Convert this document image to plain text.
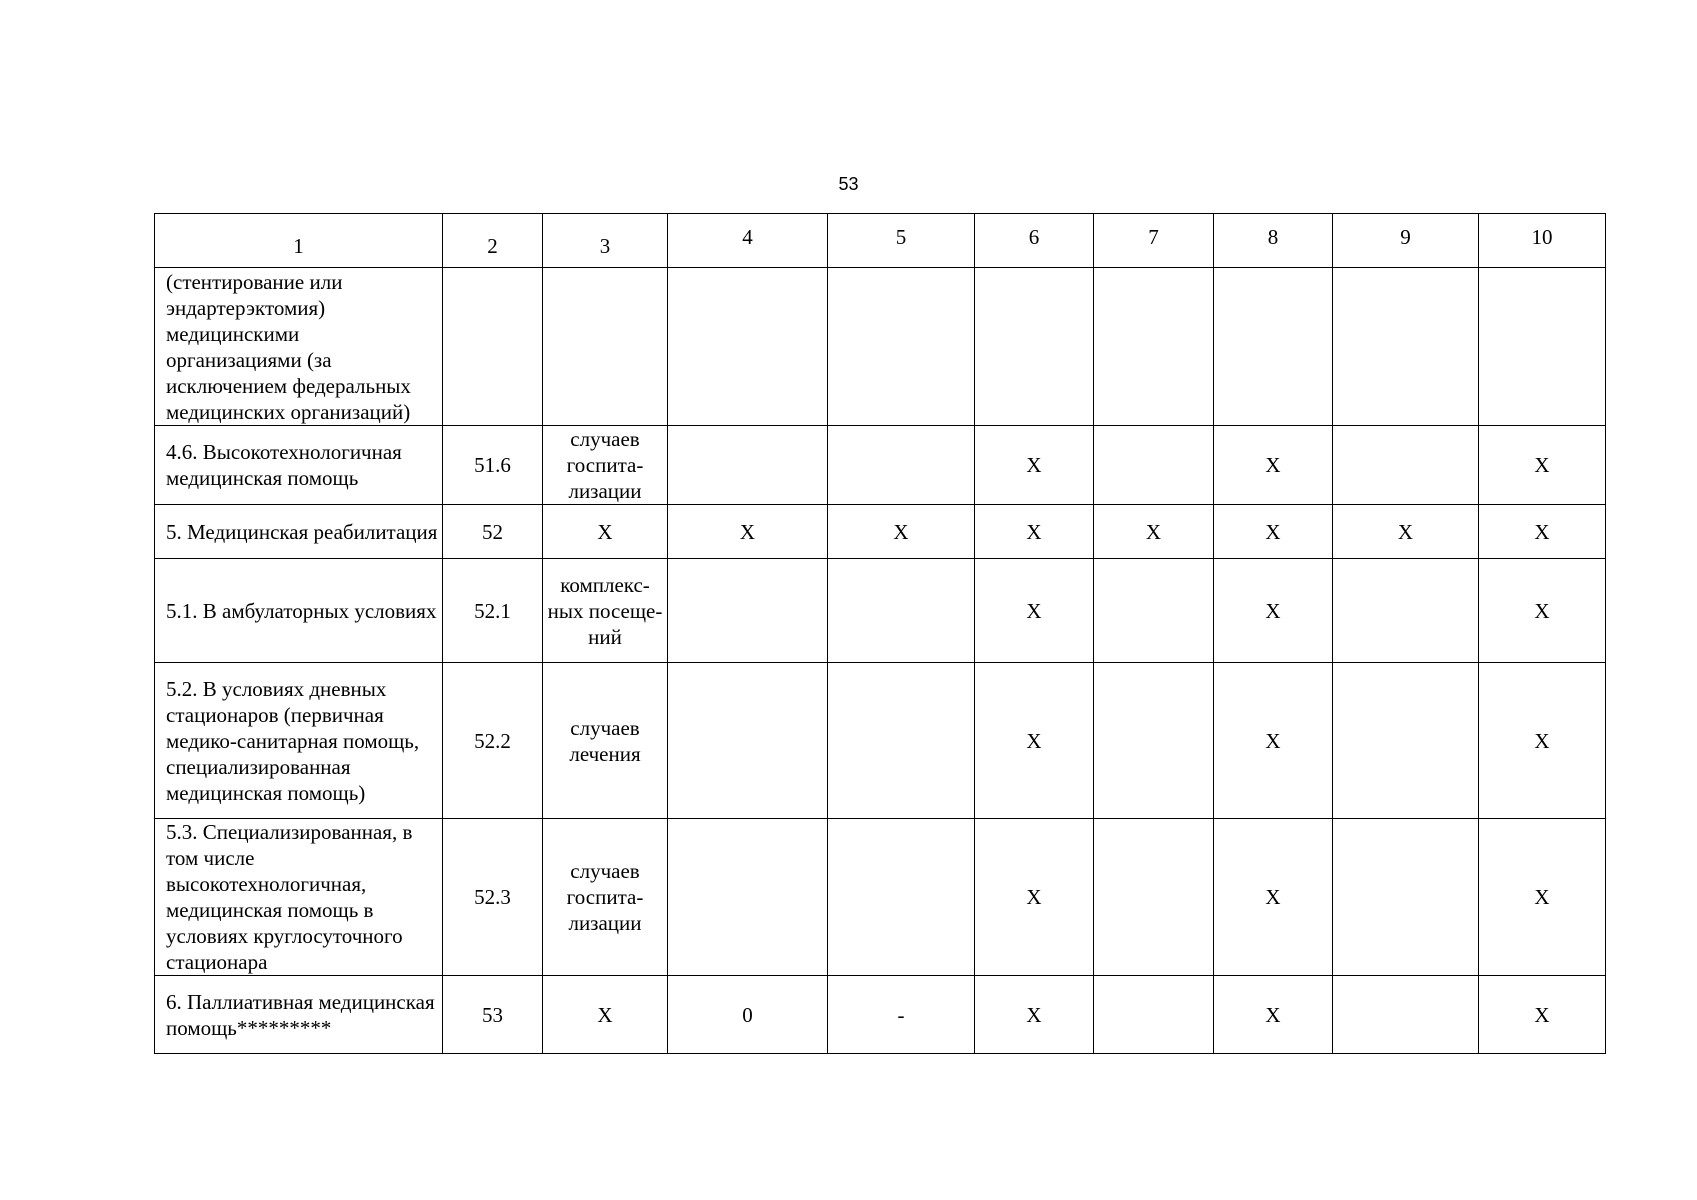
53
1	2	3	4	5	6	7	8	9	10
(стентирование или эндартерэктомия) медицинскими организациями (за исключением федеральных медицинских организаций)									
4.6. Высокотехнологичная медицинская помощь	51.6	случаев госпита-лизации			X		X		X
5. Медицинская реабилитация	52	X	X	X	X	X	X	X	X
5.1. В амбулаторных условиях	52.1	комплекс-ных посеще-ний			X		X		X
5.2. В условиях дневных стационаров (первичная медико-санитарная помощь, специализированная медицинская помощь)	52.2	случаев лечения			X		X		X
5.3. Специализированная, в том числе высокотехнологичная, медицинская помощь в условиях круглосуточного стационара	52.3	случаев госпита-лизации			X		X		X
6. Паллиативная медицинская помощь*********	53	X	0	-	X		X		X
